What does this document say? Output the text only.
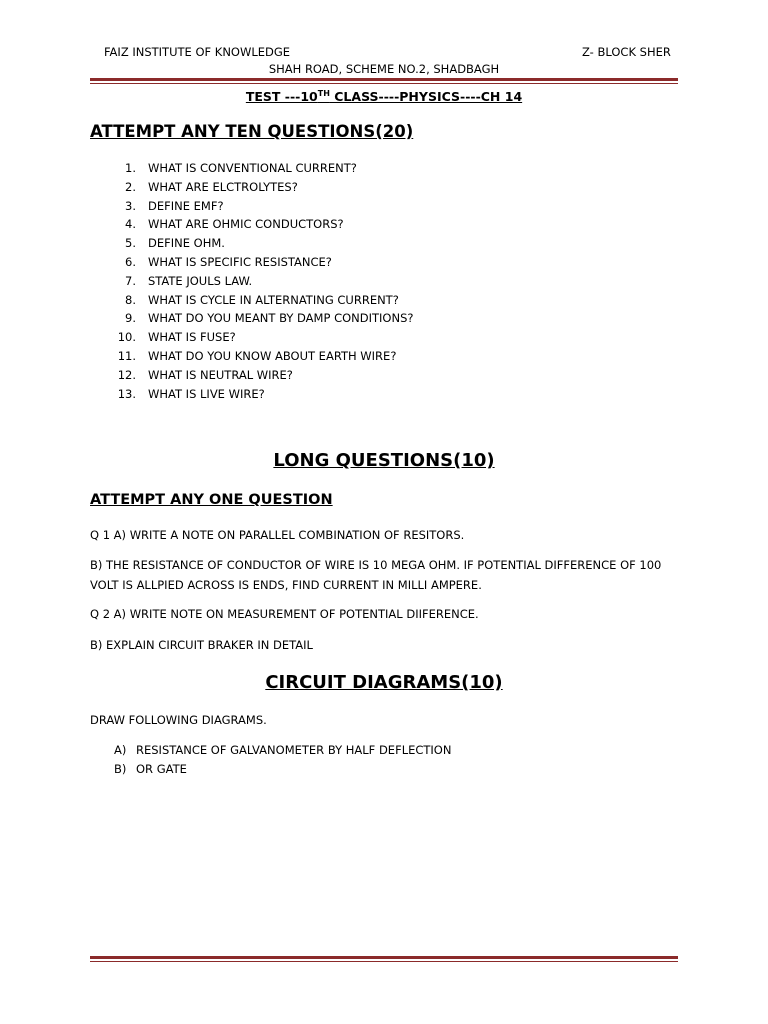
FAIZ INSTITUTE OF KNOWLEDGE	Z- BLOCK SHER
SHAH ROAD, SCHEME NO.2, SHADBAGH
TEST ---10TH CLASS----PHYSICS----CH 14
ATTEMPT ANY TEN QUESTIONS(20)
1. WHAT IS CONVENTIONAL CURRENT?
2. WHAT ARE ELCTROLYTES?
3. DEFINE EMF?
4. WHAT ARE OHMIC CONDUCTORS?
5. DEFINE OHM.
6. WHAT IS SPECIFIC RESISTANCE?
7. STATE JOULS LAW.
8. WHAT IS CYCLE IN ALTERNATING CURRENT?
9. WHAT DO YOU MEANT BY DAMP CONDITIONS?
10. WHAT IS FUSE?
11. WHAT DO YOU KNOW ABOUT EARTH WIRE?
12. WHAT IS NEUTRAL WIRE?
13. WHAT IS LIVE WIRE?
LONG QUESTIONS(10)
ATTEMPT ANY ONE QUESTION
Q 1 A) WRITE A NOTE ON PARALLEL COMBINATION OF RESITORS.
B) THE RESISTANCE OF CONDUCTOR OF WIRE IS 10 MEGA OHM. IF POTENTIAL DIFFERENCE OF 100 VOLT IS ALLPIED ACROSS IS ENDS, FIND CURRENT IN MILLI AMPERE.
Q 2 A) WRITE NOTE ON MEASUREMENT OF POTENTIAL DIIFERENCE.
B) EXPLAIN CIRCUIT BRAKER IN DETAIL
CIRCUIT DIAGRAMS(10)
DRAW FOLLOWING DIAGRAMS.
A) RESISTANCE OF GALVANOMETER BY HALF DEFLECTION
B) OR GATE
